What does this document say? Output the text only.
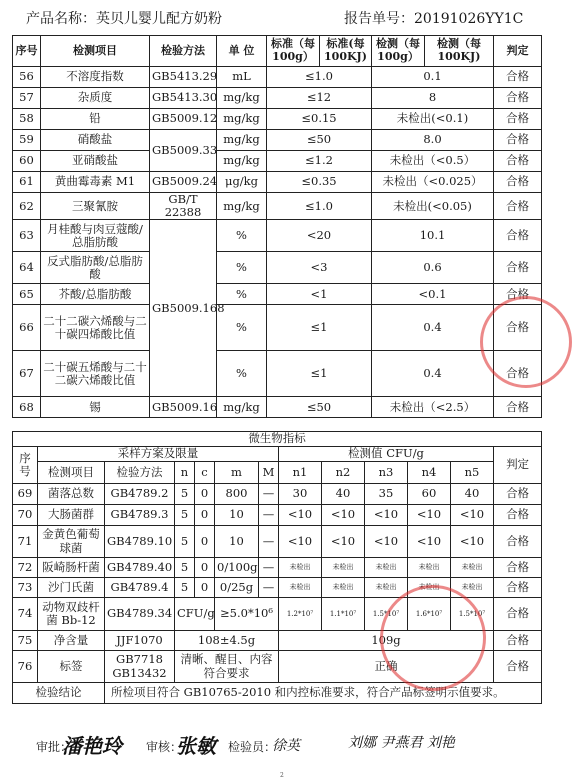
产品名称：英贝儿婴儿配方奶粉	报告单号：20191026YY1C
序号	检测项目	检验方法	单 位	标准（每100g）	标准(每100KJ)	检测（每100g）	检测（每100KJ)	判定
56	不溶度指数	GB5413.29	mL	≤1.0		0.1		合格
57	杂质度	GB5413.30	mg/kg	≤12		8		合格
58	铅	GB5009.12	mg/kg	≤0.15		未检出(<0.1)		合格
59	硝酸盐	GB5009.33	mg/kg	≤50		8.0		合格
60	亚硝酸盐		mg/kg	≤1.2		未检出（<0.5）		合格
61	黄曲霉毒素 M1	GB5009.24	μg/kg	≤0.35		未检出（<0.025）		合格
62	三聚氰胺	GB/T 22388	mg/kg	≤1.0		未检出(<0.05)		合格
63	月桂酸与肉豆蔻酸/总脂肪酸	GB5009.168	%	<20		10.1		合格
64	反式脂肪酸/总脂肪酸		%	<3		0.6		合格
65	芥酸/总脂肪酸		%	<1		<0.1		合格
66	二十二碳六烯酸与二十碳四烯酸比值		%	≤1		0.4		合格
67	二十碳五烯酸与二十二碳六烯酸比值		%	≤1		0.4		合格
68	锡	GB5009.16	mg/kg	≤50		未检出（<2.5）		合格
微生物指标												
序号	采样方案及限量						检测值 CFU/g					判定
	检测项目	检验方法	n	c	m	M	n1	n2	n3	n4	n5	
69	菌落总数	GB4789.2	5	0	800	—	30	40	35	60	40	合格
70	大肠菌群	GB4789.3	5	0	10	—	<10	<10	<10	<10	<10	合格
71	金黄色葡萄球菌	GB4789.10	5	0	10	—	<10	<10	<10	<10	<10	合格
72	阪崎肠杆菌	GB4789.40	5	0	0/100g	—	未检出	未检出	未检出	未检出	未检出	合格
73	沙门氏菌	GB4789.4	5	0	0/25g	—	未检出	未检出	未检出	未检出	未检出	合格
74	动物双歧杆菌 Bb-12	GB4789.34	CFU/g		≥5.0*10⁶		1.2*10⁷	1.1*10⁷	1.5*10⁷	1.6*10⁷	1.5*10⁷	合格
75	净含量	JJF1070	108±4.5g				109g					合格
76	标签	GB7718 GB13432	清晰、醒目、内容符合要求				正确					合格
检验结论		所检项目符合 GB10765-2010 和内控标准要求，符合产品标签明示值要求。										
审批：
潘艳玲 审核：
张敏 检验员：
徐英	刘娜 尹燕君 刘艳
2
